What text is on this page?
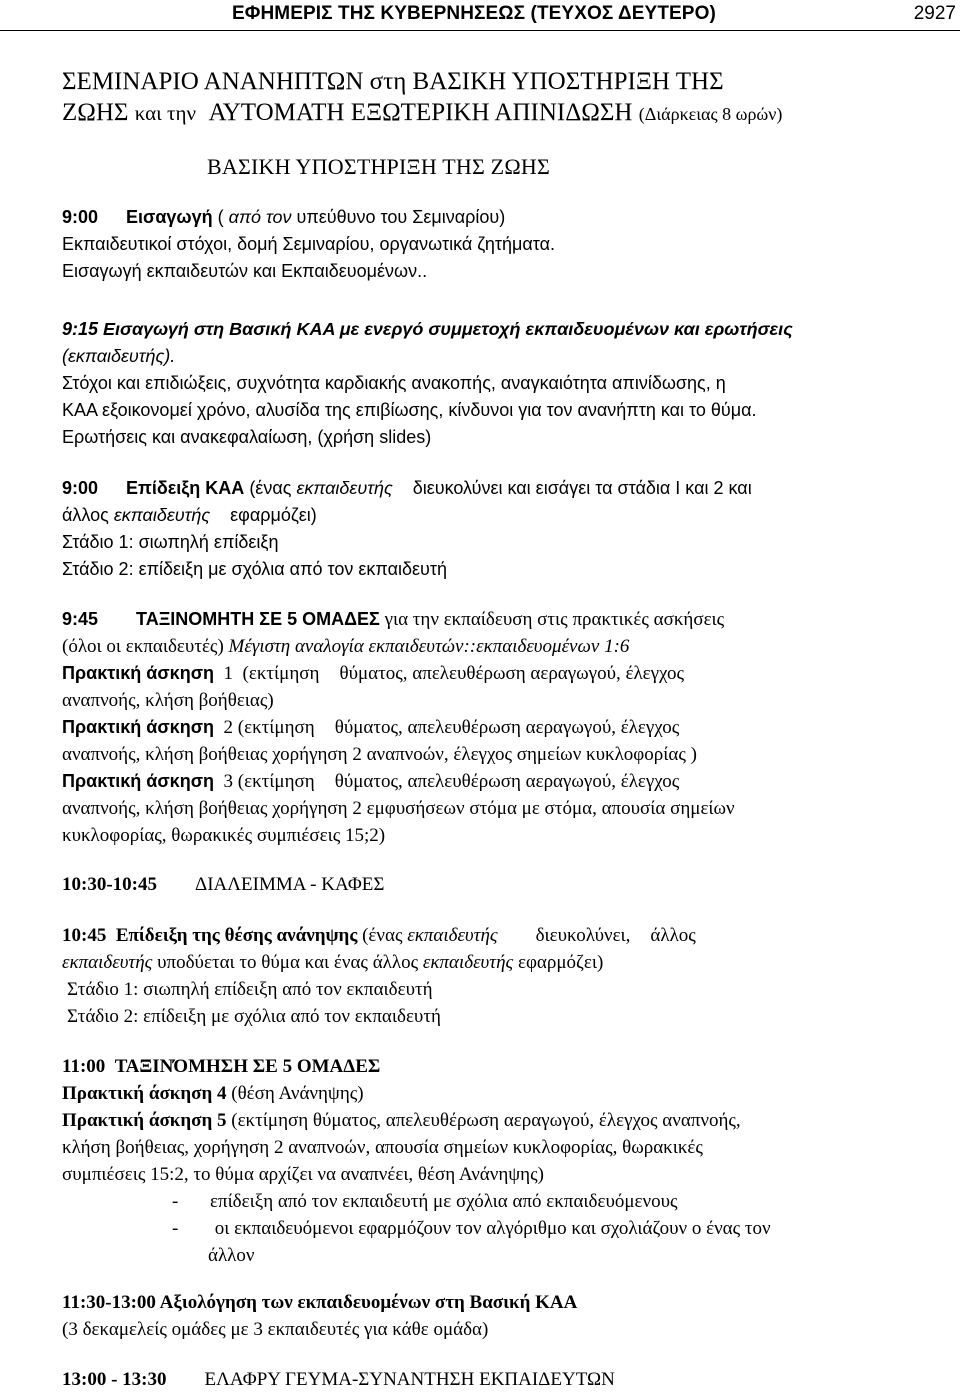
ΕΦΗΜΕΡΙΣ ΤΗΣ ΚΥΒΕΡΝΗΣΕΩΣ (ΤΕΥΧΟΣ ΔΕΥΤΕΡΟ)	2927
ΣΕΜΙΝΑΡΙΟ ΑΝΑΝΗΠΤΩΝ στη ΒΑΣΙΚΗ ΥΠΟΣΤΗΡΙΞΗ ΤΗΣ
ΖΩΗΣ και την ΑΥΤΟΜΑΤΗ ΕΞΩΤΕΡΙΚΗ ΑΠΙΝΙΔΩΣΗ (Διάρκειας 8 ωρών)
ΒΑΣΙΚΗ ΥΠΟΣΤΗΡΙΞΗ ΤΗΣ ΖΩΗΣ
9:00 Εισαγωγή ( από τον υπεύθυνο του Σεμιναρίου)
Εκπαιδευτικοί στόχοι, δομή Σεμιναρίου, οργανωτικά ζητήματα.
Εισαγωγή εκπαιδευτών και Εκπαιδευομένων..
9:15 Εισαγωγή στη Βασική ΚΑΑ με ενεργό συμμετοχή εκπαιδευομένων και ερωτήσεις
(εκπαιδευτής).
Στόχοι και επιδιώξεις, συχνότητα καρδιακής ανακοπής, αναγκαιότητα απινίδωσης, η
ΚΑΑ εξοικονομεί χρόνο, αλυσίδα της επιβίωσης, κίνδυνοι για τον ανανήπτη και το θύμα.
Ερωτήσεις και ανακεφαλαίωση, (χρήση slides)
9:00 Επίδειξη ΚΑΑ (ένας εκπαιδευτής διευκολύνει και εισάγει τα στάδια Ι και 2 και
άλλος εκπαιδευτής εφαρμόζει)
Στάδιο 1: σιωπηλή επίδειξη
Στάδιο 2: επίδειξη με σχόλια από τον εκπαιδευτή
9:45 ΤΑΞΙΝΟΜΗΤΗ ΣΕ 5 ΟΜΑΔΕΣ για την εκπαίδευση στις πρακτικές ασκήσεις
(όλοι οι εκπαιδευτές) Μέγιστη αναλογία εκπαιδευτών::εκπαιδευομένων 1:6
Πρακτική άσκηση 1 (εκτίμηση θύματος, απελευθέρωση αεραγωγού, έλεγχος
αναπνοής, κλήση βοήθειας)
Πρακτική άσκηση 2 (εκτίμηση θύματος, απελευθέρωση αεραγωγού, έλεγχος
αναπνοής, κλήση βοήθειας χορήγηση 2 αναπνοών, έλεγχος σημείων κυκλοφορίας )
Πρακτική άσκηση 3 (εκτίμηση θύματος, απελευθέρωση αεραγωγού, έλεγχος
αναπνοής, κλήση βοήθειας χορήγηση 2 εμφυσήσεων στόμα με στόμα, απουσία σημείων
κυκλοφορίας, θωρακικές συμπιέσεις 15;2)
10:30-10:45 ΔΙΑΛΕΙΜΜΑ - ΚΑΦΕΣ
10:45 Επίδειξη της θέσης ανάνηψης (ένας εκπαιδευτής διευκολύνει, άλλος
εκπαιδευτής υποδύεται το θύμα και ένας άλλος εκπαιδευτής εφαρμόζει)
Στάδιο 1: σιωπηλή επίδειξη από τον εκπαιδευτή
Στάδιο 2: επίδειξη με σχόλια από τον εκπαιδευτή
11:00 ΤΑΞΙΝΌΜΗΣΗ ΣΕ 5 ΟΜΑΔΕΣ
Πρακτική άσκηση 4 (θέση Ανάνηψης)
Πρακτική άσκηση 5 (εκτίμηση θύματος, απελευθέρωση αεραγωγού, έλεγχος αναπνοής,
κλήση βοήθειας, χορήγηση 2 αναπνοών, απουσία σημείων κυκλοφορίας, θωρακικές
συμπιέσεις 15:2, το θύμα αρχίζει να αναπνέει, θέση Ανάνηψης)
- επίδειξη από τον εκπαιδευτή με σχόλια από εκπαιδευόμενους
- οι εκπαιδευόμενοι εφαρμόζουν τον αλγόριθμο και σχολιάζουν ο ένας τον
άλλον
11:30-13:00 Αξιολόγηση των εκπαιδευομένων στη Βασική ΚΑΑ
(3 δεκαμελείς ομάδες με 3 εκπαιδευτές για κάθε ομάδα)
13:00 - 13:30 ΕΛΑΦΡΥ ΓΕΥΜΑ-ΣΥΝΑΝΤΗΣΗ ΕΚΠΑΙΔΕΥΤΩΝ
